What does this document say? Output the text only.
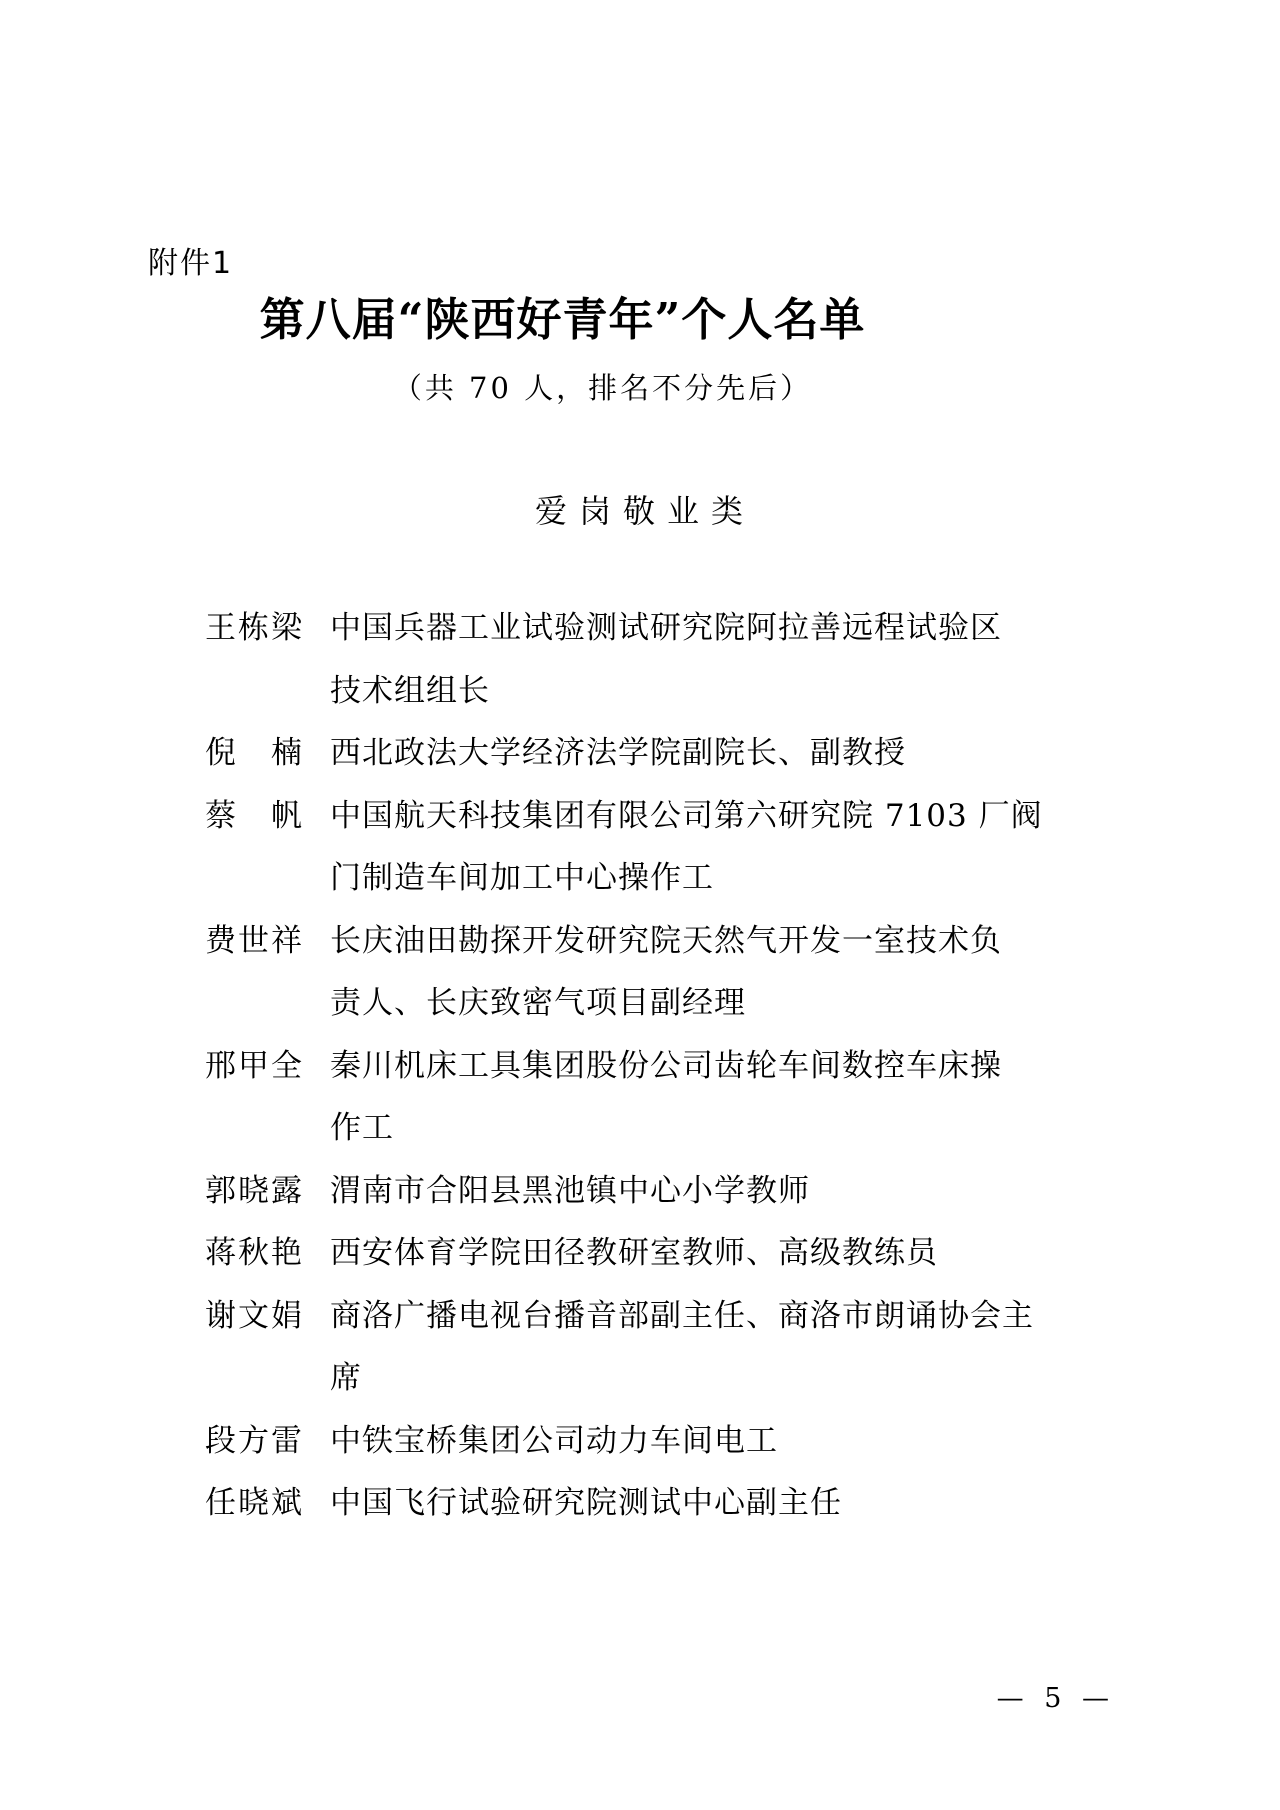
附件1
第八届“陕西好青年”个人名单
（共 70 人，排名不分先后）
爱岗敬业类
王栋梁 中国兵器工业试验测试研究院阿拉善远程试验区
技术组组长
倪楠 西北政法大学经济法学院副院长、副教授
蔡帆 中国航天科技集团有限公司第六研究院 7103 厂阀
门制造车间加工中心操作工
费世祥 长庆油田勘探开发研究院天然气开发一室技术负
责人、长庆致密气项目副经理
邢甲全 秦川机床工具集团股份公司齿轮车间数控车床操
作工
郭晓露 渭南市合阳县黑池镇中心小学教师
蒋秋艳 西安体育学院田径教研室教师、高级教练员
谢文娟 商洛广播电视台播音部副主任、商洛市朗诵协会主
席
段方雷 中铁宝桥集团公司动力车间电工
任晓斌 中国飞行试验研究院测试中心副主任
— 5 —
